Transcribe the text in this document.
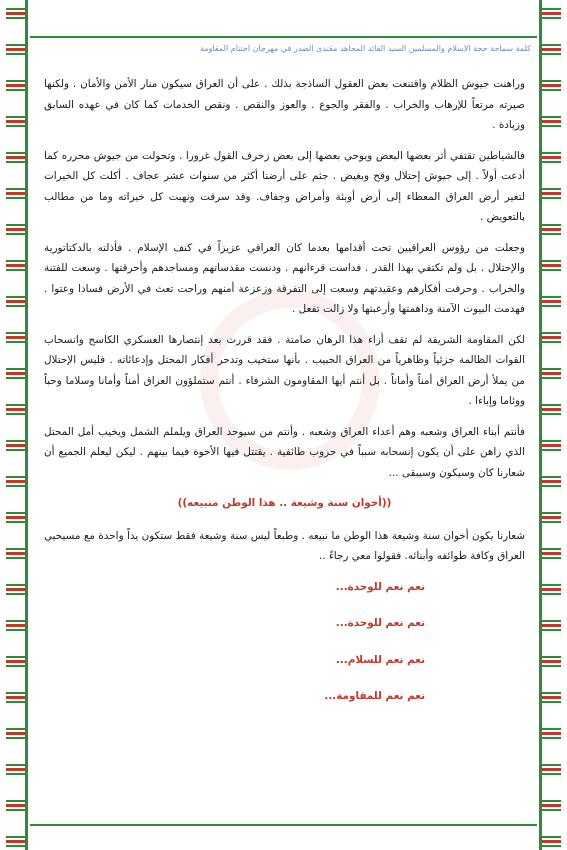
كلمة سماحة حجة الاسلام والمسلمين السيد القائد المجاهد مقتدى الصدر في مهرجان اختتام المقاومة

وراهنت جيوش الظلام واقتنعت بعض العقول الساذجة بذلك . على أن العراق سيكون منار الأمن والأمان . ولكنها صيرته مرتعاً للإرهاب والخراب . والفقر والجوع . والعوز والنقص . ونقص الخدمات كما كان في عهده السابق وزيادة .

فالشياطين تقتفي أثر بعضها البعض ويوحي بعضها إلى بعض زخرف القول غرورا . وتحولت من جيوش محرره كما أدعت أولاً . إلى جيوش إحتلال وقح وبغيض . جثم على أرضنا أكثر من سنوات عشر عجاف . أكلت كل الخيرات لتغير أرض العراق المعطاء إلى أرض أوبئة وأمراض وجفاف. وقد سرقت ونهبت كل خيراته وما من مطالب بالتعويض .

وجعلت من رؤوس العراقيين تحت أقدامها بعدما كان العراقي عزيزاً في كنف الإسلام . فأذلته بالدكتاتورية والإحتلال . بل ولم تكتفي بهذا القدر . فداست قرءانهم . ودنست مقدساتهم ومساجدهم وأحرقتها . وسعت للفتنة والخراب . وحرفت أفكارهم وعقيدتهم وسعت إلى التفرقة وزعزعة أمنهم وراحت تعث في الأرض فسادا وعتوا . فهدمت البيوت الآمنة وداهمتها وأرعبتها ولا زالت تفعل .

لكن المقاومة الشريفة لم تقف أزاء هذا الرهان صامتة . فقد قررت بعد إنتصارها العسكري الكاسح وانسحاب القوات الظالمة جزئياً وظاهرياً من العراق الحبيب . بأنها ستخيب وتدحر أفكار المحتل وإدعائاته . فليس الإحتلال من يملأ أرض العراق أمناً وأماناً . بل أنتم أيها المقاومون الشرفاء . أنتم ستملؤون العراق أمناً وأمانا وسلاما وحباً ووئاما وإباءا .

فأنتم أبناء العراق وشعبه وهم أعداء العراق وشعبه . وأنتم من سيوحد العراق ويلملم الشمل ويخيب أمل المحتل الذي راهن على أن يكون إنسحابه سبباً في حروب طائفية . يقتتل فيها الأخوة فيما بينهم . ليكن ليعلم الجميع أن شعارنا كان وسيكون وسيبقى ...

((أخوان سنة وشيعة .. هذا الوطن منبيعه))

شعارنا يكون أخوان سنة وشيعة هذا الوطن ما نبيعه . وطبعاً ليس سنة وشيعة فقط ستكون يداً واحدة مع مسيحيي العراق وكافة طوائفه وأبنائه. فقولوا معي رجاءً ..

نعم نعم للوحدة...

نعم نعم للوحدة...

نعم نعم للسلام...

نعم نعم للمقاومة...
